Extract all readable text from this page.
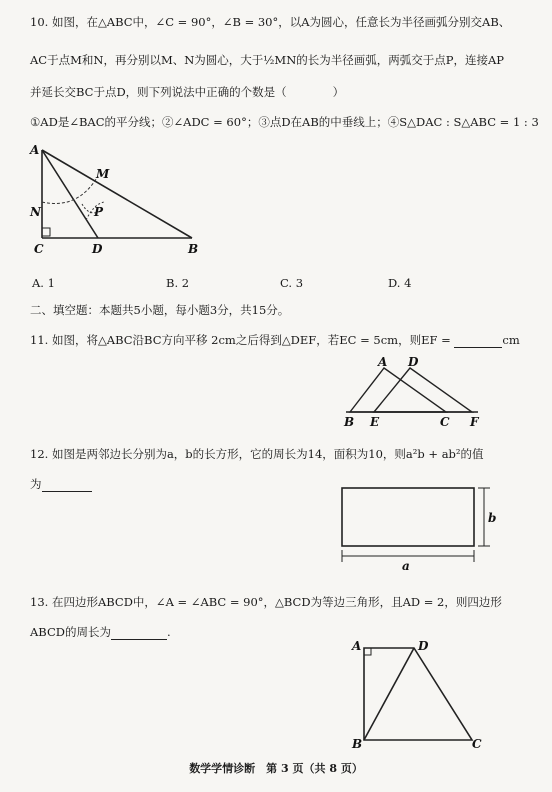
10. 如图，在△ABC中，∠C = 90°，∠B = 30°，以A为圆心，任意长为半径画弧分别交AB、
AC于点M和N，再分别以M、N为圆心，大于½MN的长为半径画弧，两弧交于点P，连接AP
并延长交BC于点D，则下列说法中正确的个数是（　　　　）
①AD是∠BAC的平分线；②∠ADC = 60°；③点D在AB的中垂线上；④S△DAC : S△ABC = 1 : 3
A
M
N	P
C	D	B
A. 1	B. 2	C. 3	D. 4
二、填空题：本题共5小题，每小题3分，共15分。
11. 如图，将△ABC沿BC方向平移 2cm之后得到△DEF，若EC = 5cm，则EF =	cm
A D
B E	C F
12. 如图是两邻边长分别为a，b的长方形，它的周长为14，面积为10，则a²b + ab²的值
为
a
b
13. 在四边形ABCD中，∠A = ∠ABC = 90°，△BCD为等边三角形，且AD = 2，则四边形
ABCD的周长为	.
A	D
B	C
数学学情诊断　第 3 页（共 8 页）
